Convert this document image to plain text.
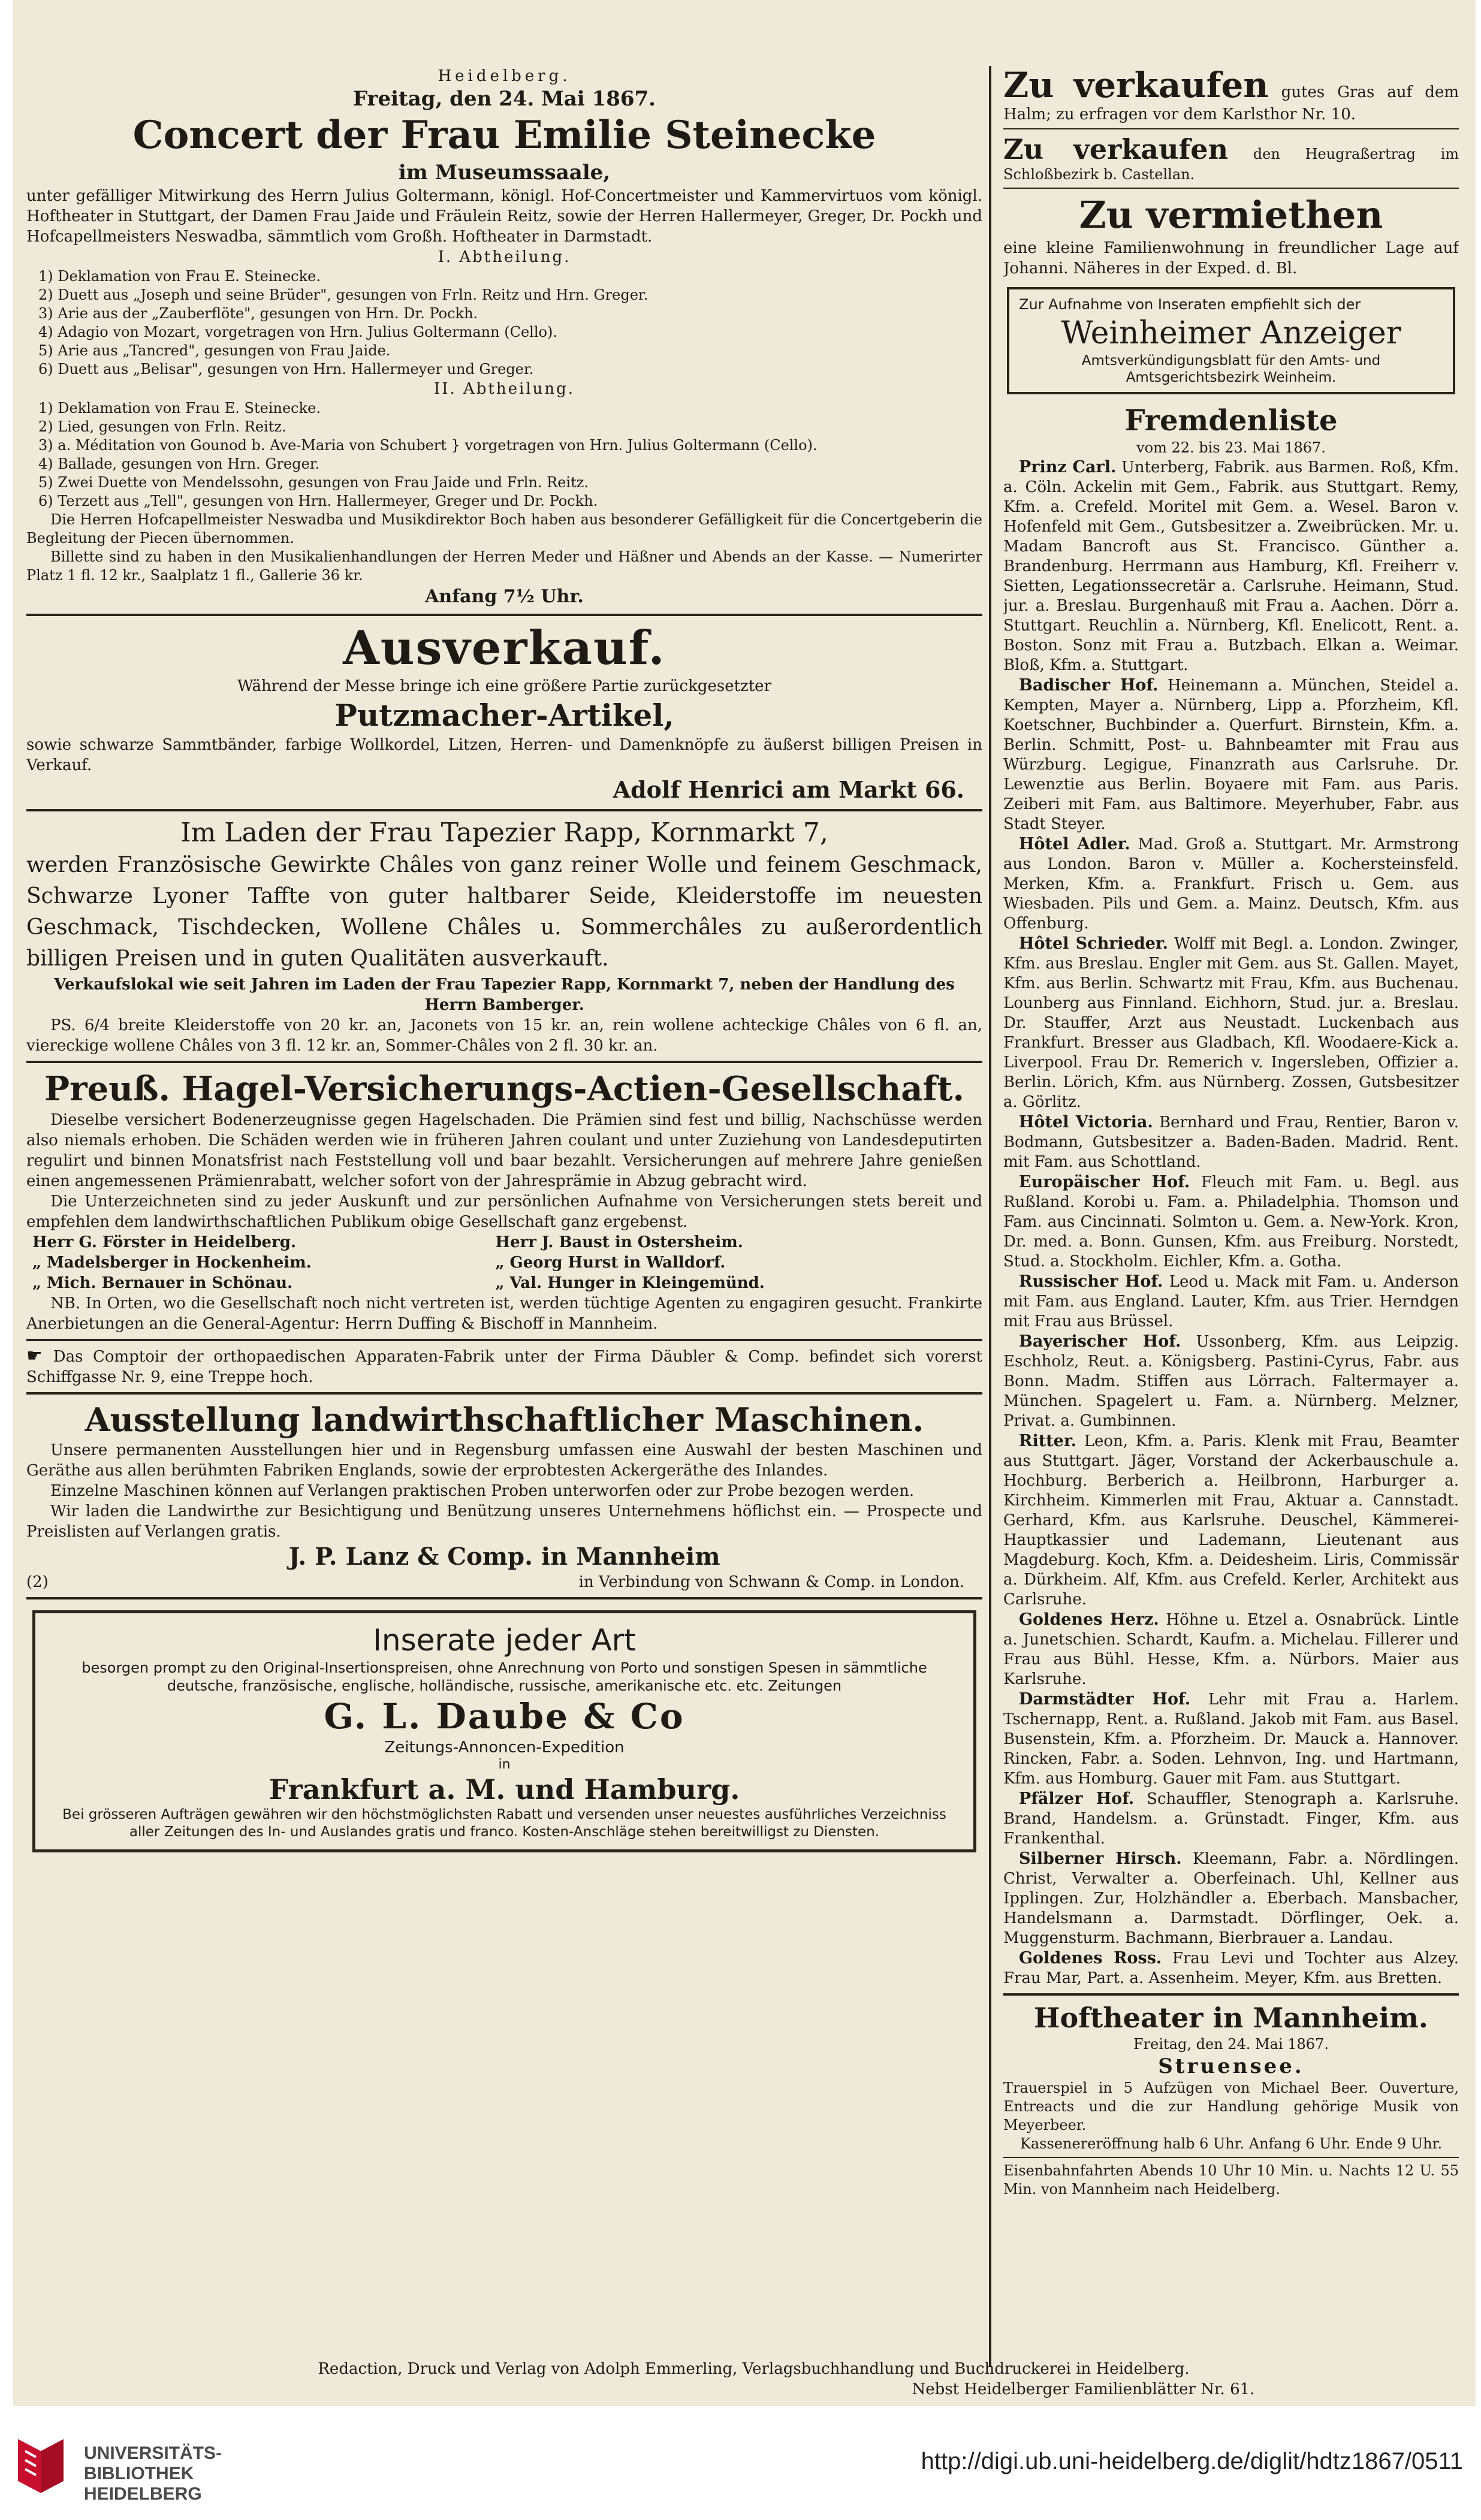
Heidelberg.

Freitag, den 24. Mai 1867.

Concert der Frau Emilie Steinecke

im Museumssaale,

unter gefälliger Mitwirkung des Herrn Julius Goltermann, königl. Hof-Concertmeister und Kammervirtuos vom königl. Hoftheater in Stuttgart, der Damen Frau Jaide und Fräulein Reitz, sowie der Herren Hallermeyer, Greger, Dr. Pockh und Hofcapellmeisters Neswadba, sämmtlich vom Großh. Hoftheater in Darmstadt.

I. Abtheilung.

1) Deklamation von Frau E. Steinecke.

2) Duett aus „Joseph und seine Brüder", gesungen von Frln. Reitz und Hrn. Greger.

3) Arie aus der „Zauberflöte", gesungen von Hrn. Dr. Pockh.

4) Adagio von Mozart, vorgetragen von Hrn. Julius Goltermann (Cello).

5) Arie aus „Tancred", gesungen von Frau Jaide.

6) Duett aus „Belisar", gesungen von Hrn. Hallermeyer und Greger.

II. Abtheilung.

1) Deklamation von Frau E. Steinecke.

2) Lied, gesungen von Frln. Reitz.

3) a. Méditation von Gounod b. Ave-Maria von Schubert } vorgetragen von Hrn. Julius Goltermann (Cello).

4) Ballade, gesungen von Hrn. Greger.

5) Zwei Duette von Mendelssohn, gesungen von Frau Jaide und Frln. Reitz.

6) Terzett aus „Tell", gesungen von Hrn. Hallermeyer, Greger und Dr. Pockh.

Die Herren Hofcapellmeister Neswadba und Musikdirektor Boch haben aus besonderer Gefälligkeit für die Concertgeberin die Begleitung der Piecen übernommen.

Billette sind zu haben in den Musikalienhandlungen der Herren Meder und Häßner und Abends an der Kasse. — Numerirter Platz 1 fl. 12 kr., Saalplatz 1 fl., Gallerie 36 kr.

Anfang 7½ Uhr.

Ausverkauf.

Während der Messe bringe ich eine größere Partie zurückgesetzter

Putzmacher-Artikel,

sowie schwarze Sammtbänder, farbige Wollkordel, Litzen, Herren- und Damenknöpfe zu äußerst billigen Preisen in Verkauf.

Adolf Henrici am Markt 66.

Im Laden der Frau Tapezier Rapp, Kornmarkt 7,

werden Französische Gewirkte Châles von ganz reiner Wolle und feinem Geschmack, Schwarze Lyoner Taffte von guter haltbarer Seide, Kleiderstoffe im neuesten Geschmack, Tischdecken, Wollene Châles u. Sommerchâles zu außerordentlich billigen Preisen und in guten Qualitäten ausverkauft.

Verkaufslokal wie seit Jahren im Laden der Frau Tapezier Rapp, Kornmarkt 7, neben der Handlung des Herrn Bamberger.

PS. 6/4 breite Kleiderstoffe von 20 kr. an, Jaconets von 15 kr. an, rein wollene achteckige Châles von 6 fl. an, viereckige wollene Châles von 3 fl. 12 kr. an, Sommer-Châles von 2 fl. 30 kr. an.

Preuß. Hagel-Versicherungs-Actien-Gesellschaft.

Dieselbe versichert Bodenerzeugnisse gegen Hagelschaden. Die Prämien sind fest und billig, Nachschüsse werden also niemals erhoben. Die Schäden werden wie in früheren Jahren coulant und unter Zuziehung von Landesdeputirten regulirt und binnen Monatsfrist nach Feststellung voll und baar bezahlt. Versicherungen auf mehrere Jahre genießen einen angemessenen Prämienrabatt, welcher sofort von der Jahresprämie in Abzug gebracht wird.

Die Unterzeichneten sind zu jeder Auskunft und zur persönlichen Aufnahme von Versicherungen stets bereit und empfehlen dem landwirthschaftlichen Publikum obige Gesellschaft ganz ergebenst.

Herr G. Förster in Heidelberg.	Herr J. Baust in Ostersheim.

„ Madelsberger in Hockenheim.	„ Georg Hurst in Walldorf.

„ Mich. Bernauer in Schönau.	„ Val. Hunger in Kleingemünd.

NB. In Orten, wo die Gesellschaft noch nicht vertreten ist, werden tüchtige Agenten zu engagiren gesucht. Frankirte Anerbietungen an die General-Agentur: Herrn Duffing & Bischoff in Mannheim.

☛ Das Comptoir der orthopaedischen Apparaten-Fabrik unter der Firma Däubler & Comp. befindet sich vorerst Schiffgasse Nr. 9, eine Treppe hoch.

Ausstellung landwirthschaftlicher Maschinen.

Unsere permanenten Ausstellungen hier und in Regensburg umfassen eine Auswahl der besten Maschinen und Geräthe aus allen berühmten Fabriken Englands, sowie der erprobtesten Ackergeräthe des Inlandes.

Einzelne Maschinen können auf Verlangen praktischen Proben unterworfen oder zur Probe bezogen werden.

Wir laden die Landwirthe zur Besichtigung und Benützung unseres Unternehmens höflichst ein. — Prospecte und Preislisten auf Verlangen gratis.

J. P. Lanz & Comp. in Mannheim

(2)	in Verbindung von Schwann & Comp. in London.

Inserate jeder Art

besorgen prompt zu den Original-Insertionspreisen, ohne Anrechnung von Porto und sonstigen Spesen in sämmtliche deutsche, französische, englische, holländische, russische, amerikanische etc. etc. Zeitungen

G. L. Daube & Co

Zeitungs-Annoncen-Expedition

in

Frankfurt a. M. und Hamburg.

Bei grösseren Aufträgen gewähren wir den höchstmöglichsten Rabatt und versenden unser neuestes ausführliches Verzeichniss aller Zeitungen des In- und Auslandes gratis und franco. Kosten-Anschläge stehen bereitwilligst zu Diensten.

Zu verkaufen gutes Gras auf dem Halm; zu erfragen vor dem Karlsthor Nr. 10.

Zu verkaufen den Heugraßertrag im Schloßbezirk b. Castellan.

Zu vermiethen

eine kleine Familienwohnung in freundlicher Lage auf Johanni. Näheres in der Exped. d. Bl.

Zur Aufnahme von Inseraten empfiehlt sich der

Weinheimer Anzeiger

Amtsverkündigungsblatt für den Amts- und Amtsgerichtsbezirk Weinheim.

Fremdenliste

vom 22. bis 23. Mai 1867.

 Prinz Carl. Unterberg, Fabrik. aus Barmen. Roß, Kfm. a. Cöln. Ackelin mit Gem., Fabrik. aus Stuttgart. Remy, Kfm. a. Crefeld. Moritel mit Gem. a. Wesel. Baron v. Hofenfeld mit Gem., Gutsbesitzer a. Zweibrücken. Mr. u. Madam Bancroft aus St. Francisco. Günther a. Brandenburg. Herrmann aus Hamburg, Kfl. Freiherr v. Sietten, Legationssecretär a. Carlsruhe. Heimann, Stud. jur. a. Breslau. Burgenhauß mit Frau a. Aachen. Dörr a. Stuttgart. Reuchlin a. Nürnberg, Kfl. Enelicott, Rent. a. Boston. Sonz mit Frau a. Butzbach. Elkan a. Weimar. Bloß, Kfm. a. Stuttgart.

 Badischer Hof. Heinemann a. München, Steidel a. Kempten, Mayer a. Nürnberg, Lipp a. Pforzheim, Kfl. Koetschner, Buchbinder a. Querfurt. Birnstein, Kfm. a. Berlin. Schmitt, Post- u. Bahnbeamter mit Frau aus Würzburg. Legigue, Finanzrath aus Carlsruhe. Dr. Lewenztie aus Berlin. Boyaere mit Fam. aus Paris. Zeiberi mit Fam. aus Baltimore. Meyerhuber, Fabr. aus Stadt Steyer.

 Hôtel Adler. Mad. Groß a. Stuttgart. Mr. Armstrong aus London. Baron v. Müller a. Kochersteinsfeld. Merken, Kfm. a. Frankfurt. Frisch u. Gem. aus Wiesbaden. Pils und Gem. a. Mainz. Deutsch, Kfm. aus Offenburg.

 Hôtel Schrieder. Wolff mit Begl. a. London. Zwinger, Kfm. aus Breslau. Engler mit Gem. aus St. Gallen. Mayet, Kfm. aus Berlin. Schwartz mit Frau, Kfm. aus Buchenau. Lounberg aus Finnland. Eichhorn, Stud. jur. a. Breslau. Dr. Stauffer, Arzt aus Neustadt. Luckenbach aus Frankfurt. Bresser aus Gladbach, Kfl. Woodaere-Kick a. Liverpool. Frau Dr. Remerich v. Ingersleben, Offizier a. Berlin. Lörich, Kfm. aus Nürnberg. Zossen, Gutsbesitzer a. Görlitz.

 Hôtel Victoria. Bernhard und Frau, Rentier, Baron v. Bodmann, Gutsbesitzer a. Baden-Baden. Madrid. Rent. mit Fam. aus Schottland.

 Europäischer Hof. Fleuch mit Fam. u. Begl. aus Rußland. Korobi u. Fam. a. Philadelphia. Thomson und Fam. aus Cincinnati. Solmton u. Gem. a. New-York. Kron, Dr. med. a. Bonn. Gunsen, Kfm. aus Freiburg. Norstedt, Stud. a. Stockholm. Eichler, Kfm. a. Gotha.

 Russischer Hof. Leod u. Mack mit Fam. u. Anderson mit Fam. aus England. Lauter, Kfm. aus Trier. Herndgen mit Frau aus Brüssel.

 Bayerischer Hof. Ussonberg, Kfm. aus Leipzig. Eschholz, Reut. a. Königsberg. Pastini-Cyrus, Fabr. aus Bonn. Madm. Stiffen aus Lörrach. Faltermayer a. München. Spagelert u. Fam. a. Nürnberg. Melzner, Privat. a. Gumbinnen.

 Ritter. Leon, Kfm. a. Paris. Klenk mit Frau, Beamter aus Stuttgart. Jäger, Vorstand der Ackerbauschule a. Hochburg. Berberich a. Heilbronn, Harburger a. Kirchheim. Kimmerlen mit Frau, Aktuar a. Cannstadt. Gerhard, Kfm. aus Karlsruhe. Deuschel, Kämmerei-Hauptkassier und Lademann, Lieutenant aus Magdeburg. Koch, Kfm. a. Deidesheim. Liris, Commissär a. Dürkheim. Alf, Kfm. aus Crefeld. Kerler, Architekt aus Carlsruhe.

 Goldenes Herz. Höhne u. Etzel a. Osnabrück. Lintle a. Junetschien. Schardt, Kaufm. a. Michelau. Fillerer und Frau aus Bühl. Hesse, Kfm. a. Nürbors. Maier aus Karlsruhe.

 Darmstädter Hof. Lehr mit Frau a. Harlem. Tschernapp, Rent. a. Rußland. Jakob mit Fam. aus Basel. Busenstein, Kfm. a. Pforzheim. Dr. Mauck a. Hannover. Rincken, Fabr. a. Soden. Lehnvon, Ing. und Hartmann, Kfm. aus Homburg. Gauer mit Fam. aus Stuttgart.

 Pfälzer Hof. Schauffler, Stenograph a. Karlsruhe. Brand, Handelsm. a. Grünstadt. Finger, Kfm. aus Frankenthal.

 Silberner Hirsch. Kleemann, Fabr. a. Nördlingen. Christ, Verwalter a. Oberfeinach. Uhl, Kellner aus Ipplingen. Zur, Holzhändler a. Eberbach. Mansbacher, Handelsmann a. Darmstadt. Dörflinger, Oek. a. Muggensturm. Bachmann, Bierbrauer a. Landau.

 Goldenes Ross. Frau Levi und Tochter aus Alzey. Frau Mar, Part. a. Assenheim. Meyer, Kfm. aus Bretten.

Hoftheater in Mannheim.

Freitag, den 24. Mai 1867.

Struensee.

Trauerspiel in 5 Aufzügen von Michael Beer. Ouverture, Entreacts und die zur Handlung gehörige Musik von Meyerbeer.

Kassenereröffnung halb 6 Uhr. Anfang 6 Uhr. Ende 9 Uhr.

Eisenbahnfahrten Abends 10 Uhr 10 Min. u. Nachts 12 U. 55 Min. von Mannheim nach Heidelberg.

Redaction, Druck und Verlag von Adolph Emmerling, Verlagsbuchhandlung und Buchdruckerei in Heidelberg.

Nebst Heidelberger Familienblätter Nr. 61.

UNIVERSITÄTS-
BIBLIOTHEK
HEIDELBERG
http://digi.ub.uni-heidelberg.de/diglit/hdtz1867/0511
